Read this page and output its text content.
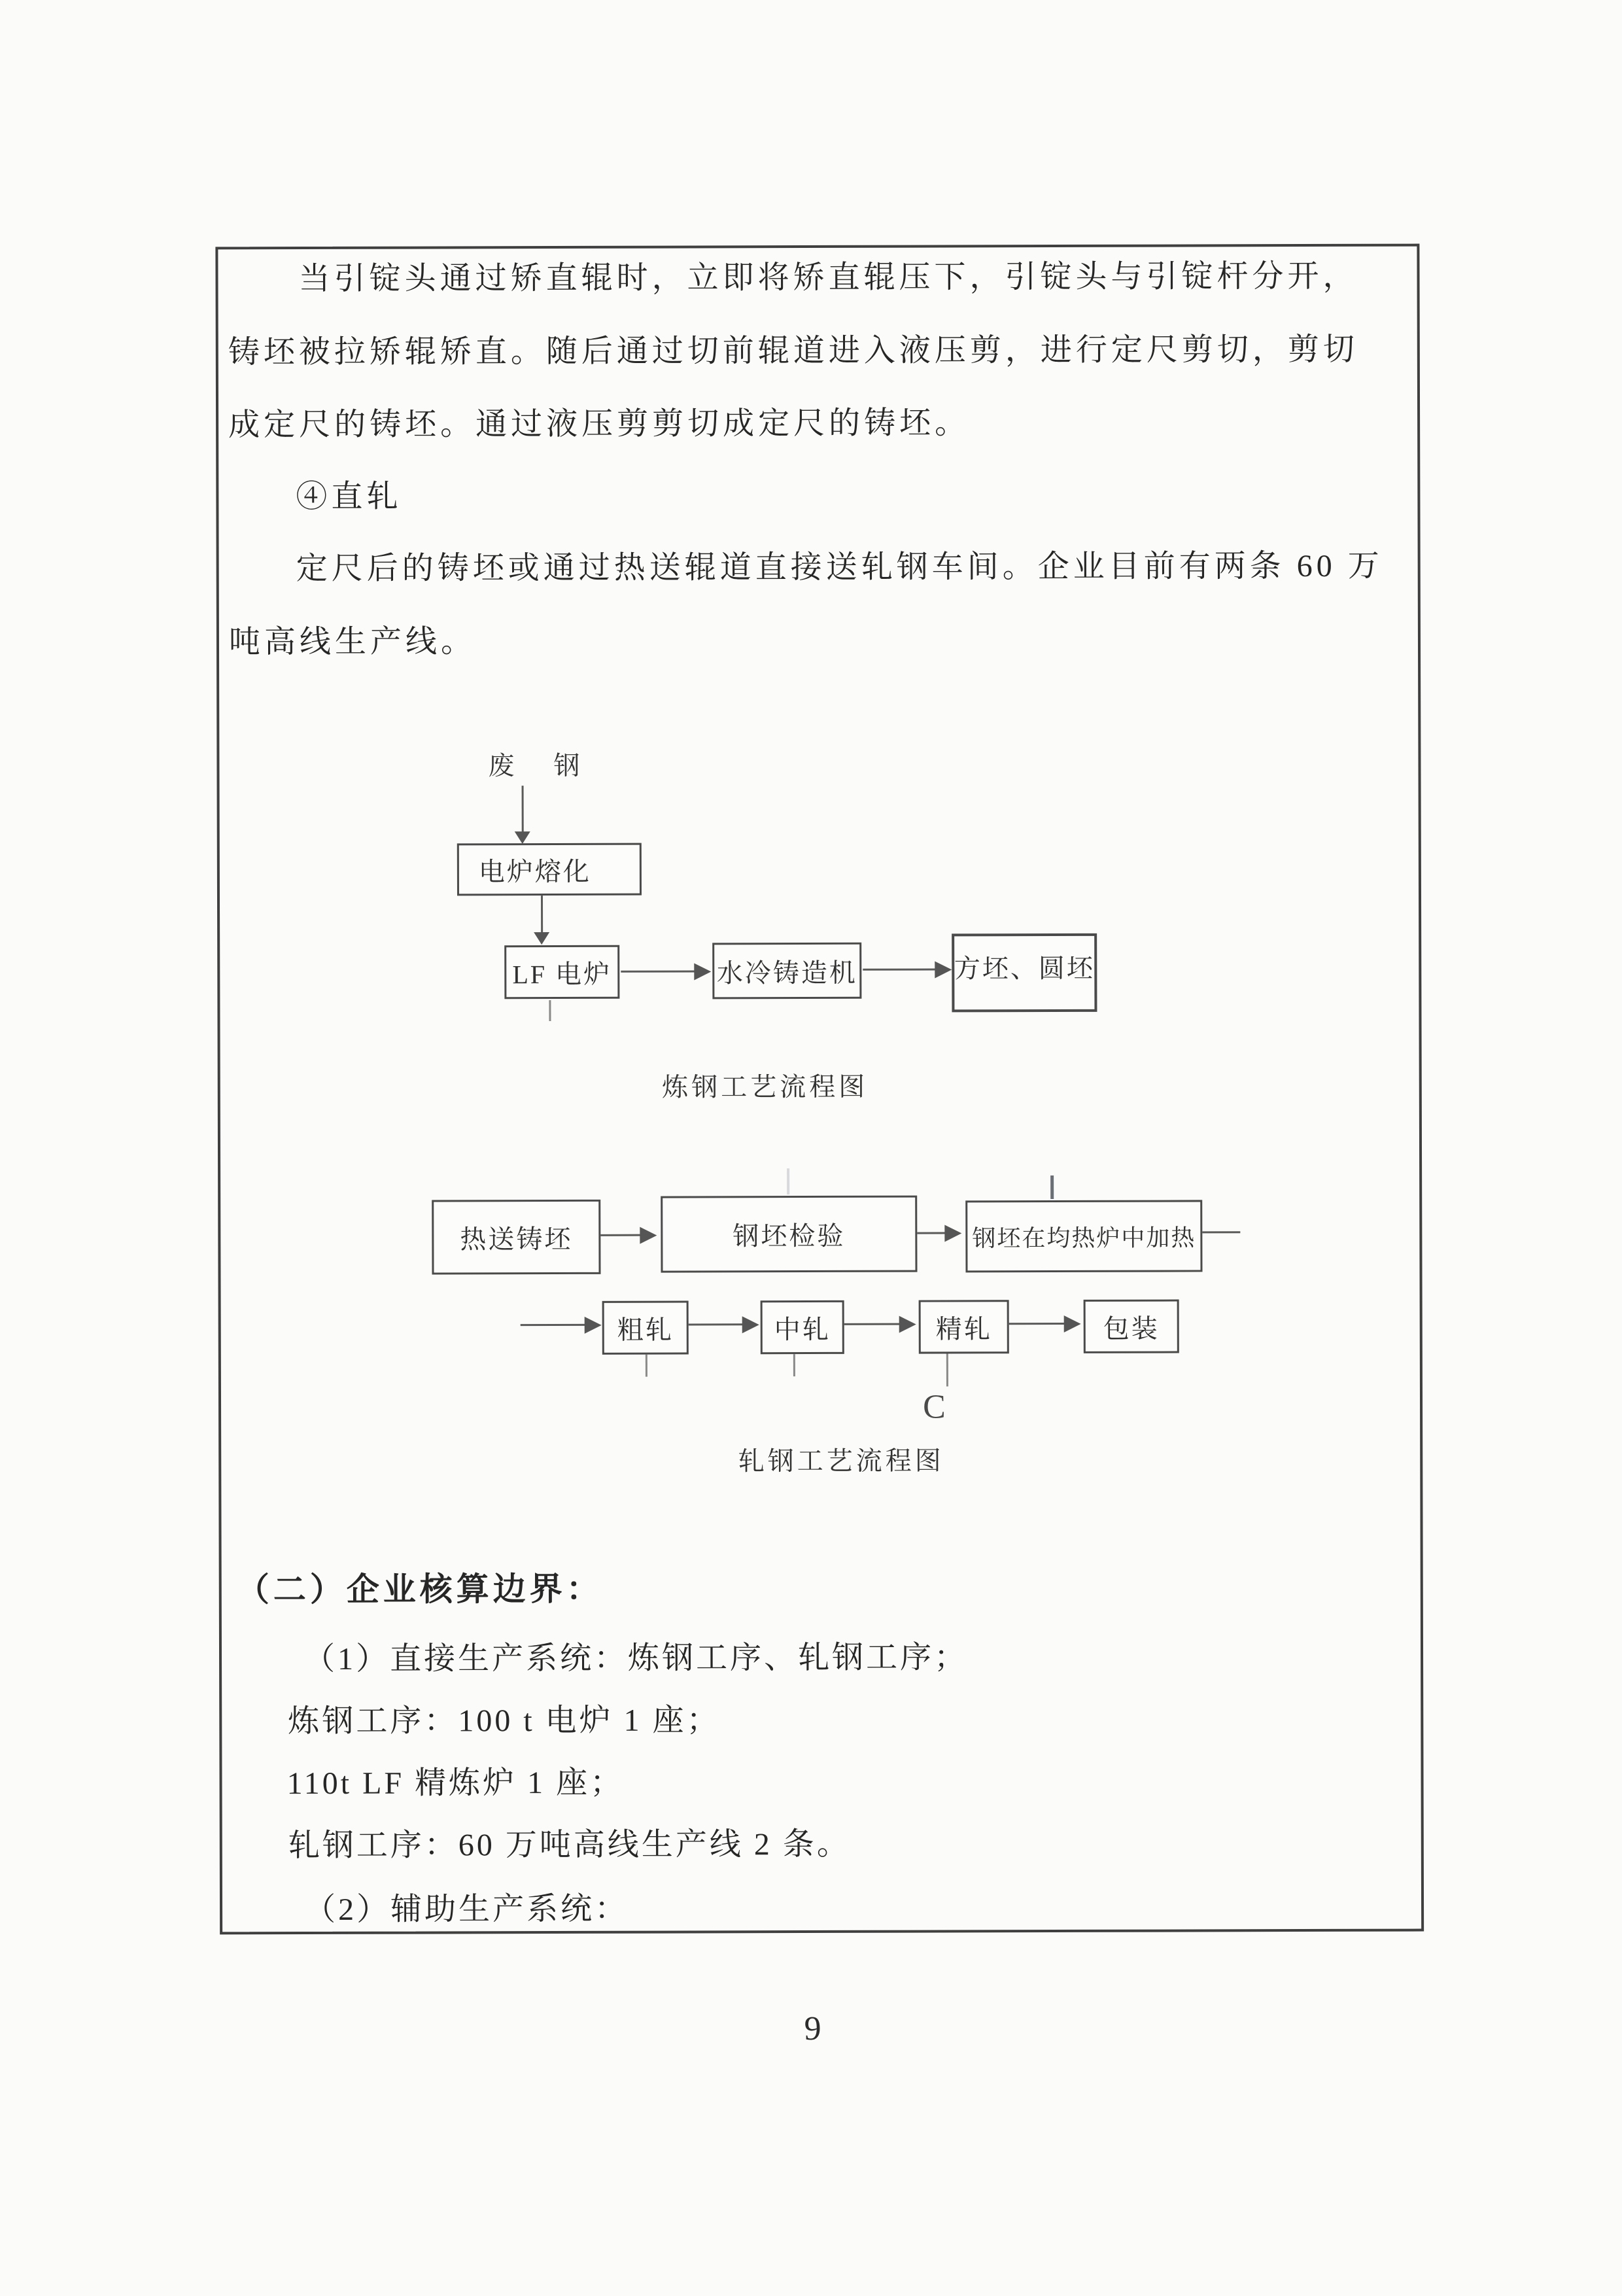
当引锭头通过矫直辊时，立即将矫直辊压下，引锭头与引锭杆分开，
铸坯被拉矫辊矫直。随后通过切前辊道进入液压剪，进行定尺剪切，剪切
成定尺的铸坯。通过液压剪剪切成定尺的铸坯。
④直轧
定尺后的铸坯或通过热送辊道直接送轧钢车间。企业目前有两条 60 万
吨高线生产线。
废　钢
电炉熔化
LF 电炉	水冷铸造机	方坯、圆坯
炼钢工艺流程图
热送铸坯	钢坯检验	钢坯在均热炉中加热
粗轧	中轧	精轧	包装
C
轧钢工艺流程图
（二）企业核算边界：
（1）直接生产系统：炼钢工序、轧钢工序；
炼钢工序：100 t 电炉 1 座；
110t LF 精炼炉 1 座；
轧钢工序：60 万吨高线生产线 2 条。
（2）辅助生产系统：
9
